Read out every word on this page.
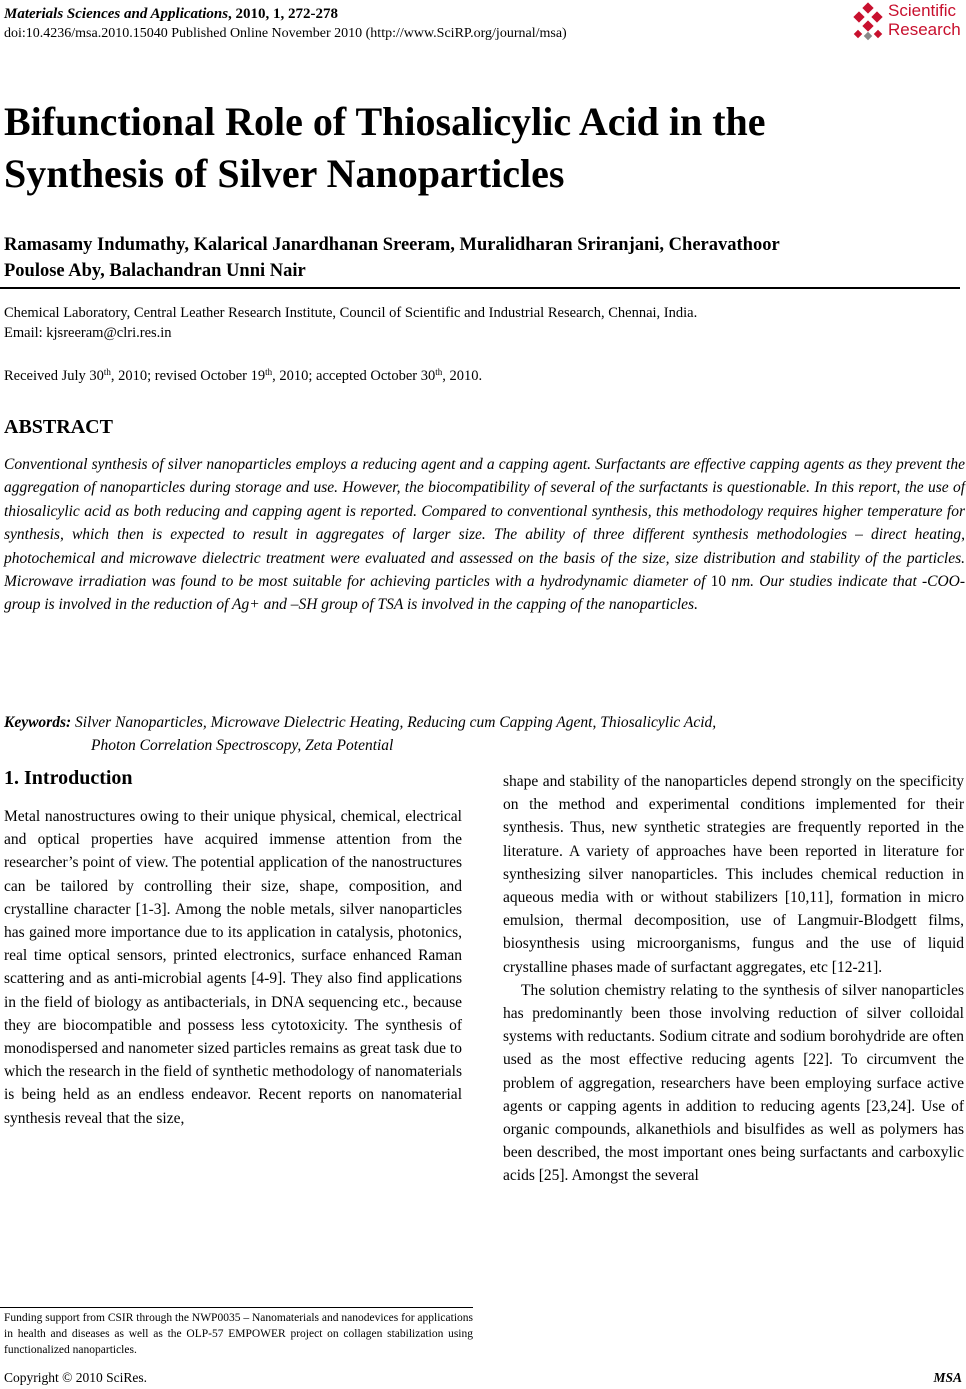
Materials Sciences and Applications, 2010, 1, 272-278
doi:10.4236/msa.2010.15040 Published Online November 2010 (http://www.SciRP.org/journal/msa)
Scientific
Research
Bifunctional Role of Thiosalicylic Acid in the
Synthesis of Silver Nanoparticles
Ramasamy Indumathy, Kalarical Janardhanan Sreeram, Muralidharan Sriranjani, Cheravathoor
Poulose Aby, Balachandran Unni Nair
Chemical Laboratory, Central Leather Research Institute, Council of Scientific and Industrial Research, Chennai, India.
Email: kjsreeram@clri.res.in
Received July 30th, 2010; revised October 19th, 2010; accepted October 30th, 2010.
ABSTRACT
Conventional synthesis of silver nanoparticles employs a reducing agent and a capping agent. Surfactants are effective capping agents as they prevent the aggregation of nanoparticles during storage and use. However, the biocompatibility of several of the surfactants is questionable. In this report, the use of thiosalicylic acid as both reducing and capping agent is reported. Compared to conventional synthesis, this methodology requires higher temperature for synthesis, which then is expected to result in aggregates of larger size. The ability of three different synthesis methodologies – direct heating, photochemical and microwave dielectric treatment were evaluated and assessed on the basis of the size, size distribution and stability of the particles. Microwave irradiation was found to be most suitable for achieving particles with a hydrodynamic diameter of 10 nm. Our studies indicate that -COO- group is involved in the reduction of Ag+ and –SH group of TSA is involved in the capping of the nanoparticles.
Keywords: Silver Nanoparticles, Microwave Dielectric Heating, Reducing cum Capping Agent, Thiosalicylic Acid,
Photon Correlation Spectroscopy, Zeta Potential
1. Introduction

Metal nanostructures owing to their unique physical, chemical, electrical and optical properties have acquired immense attention from the researcher’s point of view. The potential application of the nanostructures can be tailored by controlling their size, shape, composition, and crystalline character [1-3]. Among the noble metals, silver nanoparticles has gained more importance due to its application in catalysis, photonics, real time optical sensors, printed electronics, surface enhanced Raman scattering and as anti-microbial agents [4-9]. They also find applications in the field of biology as antibacterials, in DNA sequencing etc., because they are biocompatible and possess less cytotoxicity. The synthesis of monodispersed and nanometer sized particles remains as great task due to which the research in the field of synthetic methodology of nanomaterials is being held as an endless endeavor. Recent reports on nanomaterial synthesis reveal that the size,

shape and stability of the nanoparticles depend strongly on the specificity on the method and experimental conditions implemented for their synthesis. Thus, new synthetic strategies are frequently reported in the literature. A variety of approaches have been reported in literature for synthesizing silver nanoparticles. This includes chemical reduction in aqueous media with or without stabilizers [10,11], formation in micro emulsion, thermal decomposition, use of Langmuir-Blodgett films, biosynthesis using microorganisms, fungus and the use of liquid crystalline phases made of surfactant aggregates, etc [12-21].

The solution chemistry relating to the synthesis of silver nanoparticles has predominantly been those involving reduction of silver colloidal systems with reductants. Sodium citrate and sodium borohydride are often used as the most effective reducing agents [22]. To circumvent the problem of aggregation, researchers have been employing surface active agents or capping agents in addition to reducing agents [23,24]. Use of organic compounds, alkanethiols and bisulfides as well as polymers has been described, the most important ones being surfactants and carboxylic acids [25]. Amongst the several

Funding support from CSIR through the NWP0035 – Nanomaterials and nanodevices for applications in health and diseases as well as the OLP-57 EMPOWER project on collagen stabilization using functionalized nanoparticles.
Copyright © 2010 SciRes.	MSA
